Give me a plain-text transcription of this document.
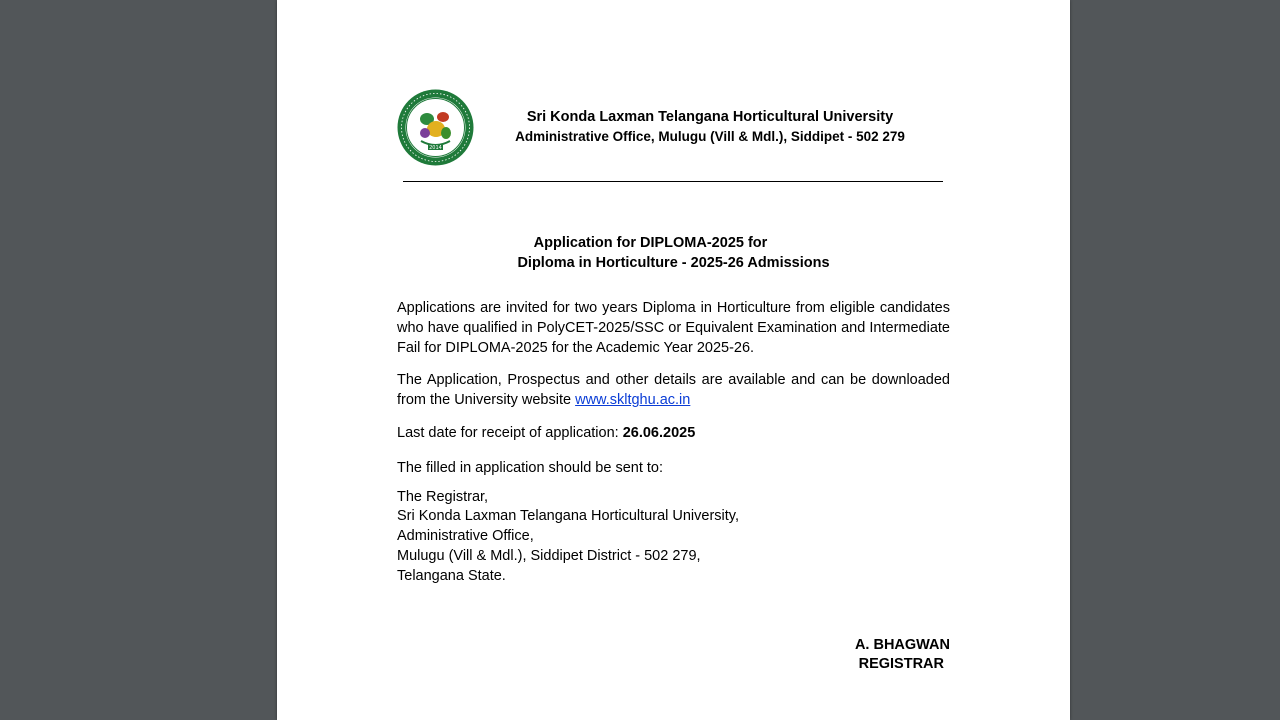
2014
Sri Konda Laxman Telangana Horticultural University
Administrative Office, Mulugu (Vill & Mdl.), Siddipet - 502 279
Application for DIPLOMA-2025 for
Diploma in Horticulture - 2025-26 Admissions

Applications are invited for two years Diploma in Horticulture from eligible candidates who have qualified in PolyCET-2025/SSC or Equivalent Examination and Intermediate Fail for DIPLOMA-2025 for the Academic Year 2025-26.

The Application, Prospectus and other details are available and can be downloaded from the University website www.skltghu.ac.in

Last date for receipt of application: 26.06.2025

The filled in application should be sent to:

The Registrar,
Sri Konda Laxman Telangana Horticultural University,
Administrative Office,
Mulugu (Vill & Mdl.), Siddipet District - 502 279,
Telangana State.
A. BHAGWAN
REGISTRAR
